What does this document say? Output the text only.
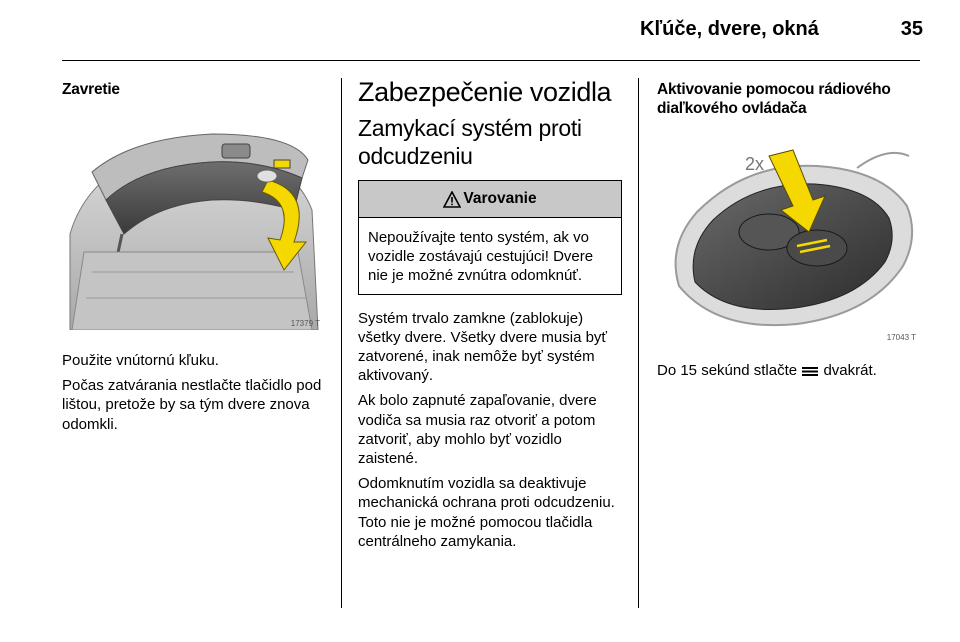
Kľúče, dvere, okná	35
Zavretie
17379 T

Použite vnútornú kľuku.

Počas zatvárania nestlačte tlačidlo pod lištou, pretože by sa tým dvere znova odomkli.

Zabezpečenie vozidla
Zamykací systém proti odcudzeniu
Varovanie

Nepoužívajte tento systém, ak vo vozidle zostávajú cestujúci! Dvere nie je možné zvnútra odomknúť.

Systém trvalo zamkne (zablokuje) všetky dvere. Všetky dvere musia byť zatvorené, inak nemôže byť systém aktivovaný.

Ak bolo zapnuté zapaľovanie, dvere vodiča sa musia raz otvoriť a potom zatvoriť, aby mohlo byť vozidlo zaistené.

Odomknutím vozidla sa deaktivuje mechanická ochrana proti odcudzeniu. Toto nie je možné pomocou tlačidla centrálneho zamykania.

Aktivovanie pomocou rádiového diaľkového ovládača
2x
17043 T

Do 15 sekúnd stlačte dvakrát.
